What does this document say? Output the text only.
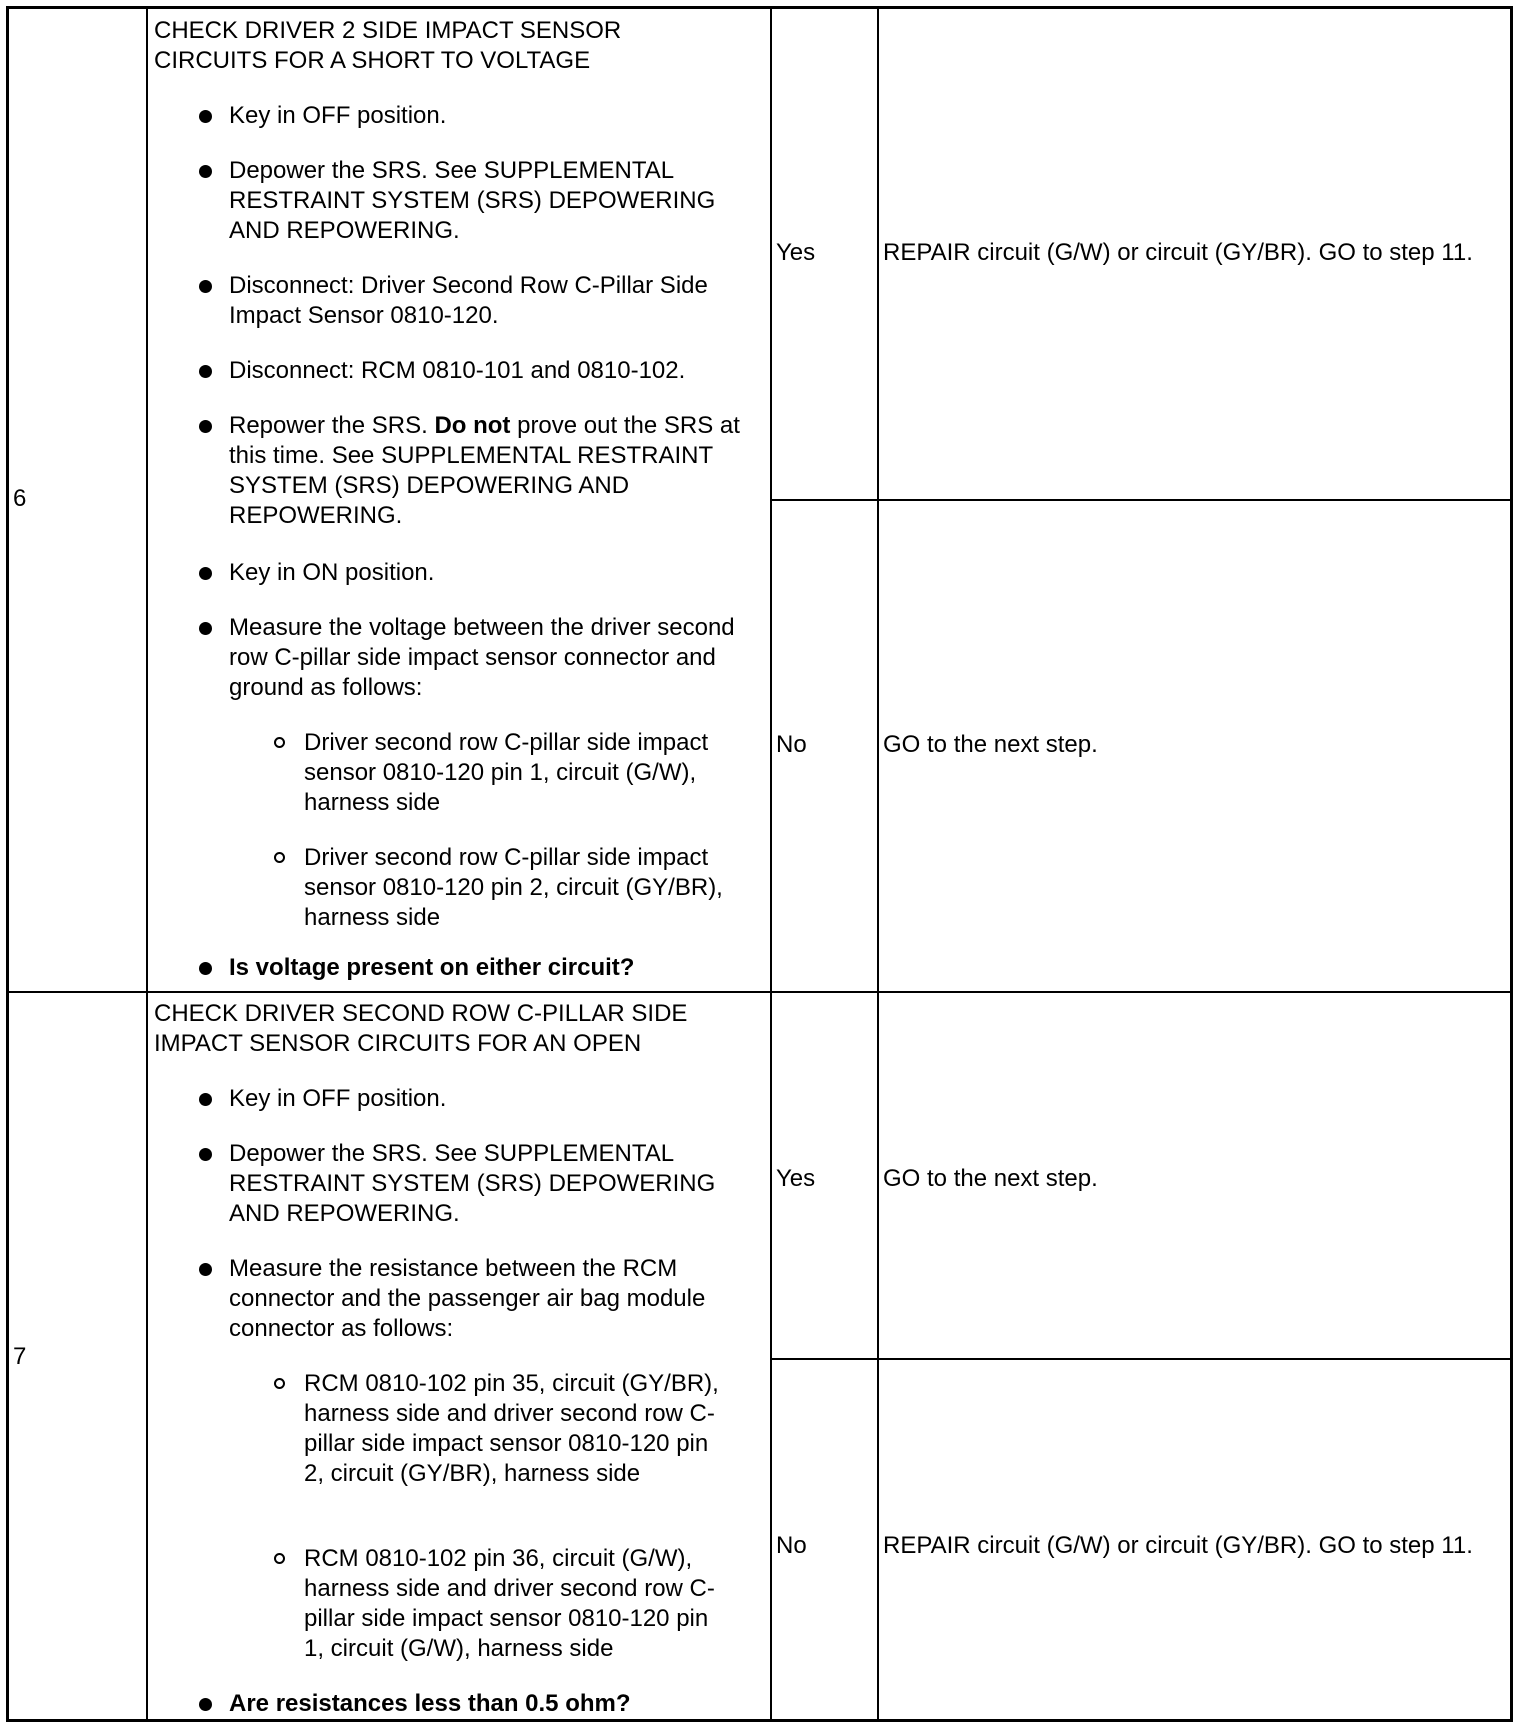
6
CHECK DRIVER 2 SIDE IMPACT SENSOR
CIRCUITS FOR A SHORT TO VOLTAGE
Key in OFF position.
Depower the SRS. See SUPPLEMENTAL RESTRAINT SYSTEM (SRS) DEPOWERING AND REPOWERING.
Disconnect: Driver Second Row C-Pillar Side Impact Sensor 0810-120.
Disconnect: RCM 0810-101 and 0810-102.
Repower the SRS. Do not prove out the SRS at this time. See SUPPLEMENTAL RESTRAINT SYSTEM (SRS) DEPOWERING AND REPOWERING.
Key in ON position.
Measure the voltage between the driver second row C-pillar side impact sensor connector and ground as follows:
Driver second row C-pillar side impact sensor 0810-120 pin 1, circuit (G/W), harness side
Driver second row C-pillar side impact sensor 0810-120 pin 2, circuit (GY/BR), harness side
Is voltage present on either circuit?
Yes	REPAIR circuit (G/W) or circuit (GY/BR). GO to step 11.
No	GO to the next step.
7
CHECK DRIVER SECOND ROW C-PILLAR SIDE
IMPACT SENSOR CIRCUITS FOR AN OPEN
Key in OFF position.
Depower the SRS. See SUPPLEMENTAL RESTRAINT SYSTEM (SRS) DEPOWERING AND REPOWERING.
Measure the resistance between the RCM connector and the passenger air bag module connector as follows:
RCM 0810-102 pin 35, circuit (GY/BR), harness side and driver second row C-pillar side impact sensor 0810-120 pin 2, circuit (GY/BR), harness side
RCM 0810-102 pin 36, circuit (G/W), harness side and driver second row C-pillar side impact sensor 0810-120 pin 1, circuit (G/W), harness side
Are resistances less than 0.5 ohm?
Yes	GO to the next step.
No	REPAIR circuit (G/W) or circuit (GY/BR). GO to step 11.
